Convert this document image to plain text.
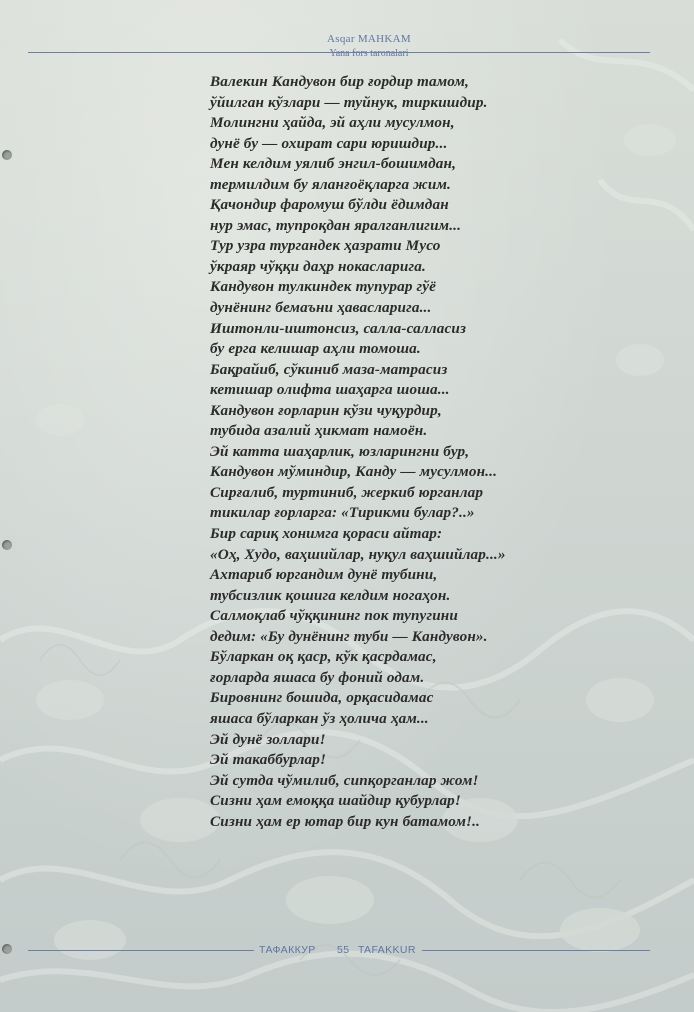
Asqar MAHKAM
Yana fors taronalari
Валекин Кандувон бир ғордир тамом,
ўйилган кўзлари — туйнук, тиркишдир.
Молингни ҳайда, эй аҳли мусулмон,
дунё бу — охират сари юришдир...
Мен келдим уялиб энгил-бошимдан,
термилдим бу яланғоёқларга жим.
Қачондир фаромуш бўлди ёдимдан
нур эмас, тупроқдан яралганлигим...
Тур узра тургандек ҳазрати Мусо
ўкраяр чўққи даҳр нокасларига.
Кандувон тулкиндек тупурар гўё
дунёнинг бемаъни ҳавасларига...
Иштонли-иштонсиз, салла-салласиз
бу ерга келишар аҳли томоша.
Бақрайиб, сўкиниб маза-матрасиз
кетишар олифта шаҳарга шоша...
Кандувон ғорларин кўзи чуқурдир,
тубида азалий ҳикмат намоён.
Эй катта шаҳарлик, юзларингни бур,
Кандувон мўминдир, Канду — мусулмон...
Сирғалиб, туртиниб, жеркиб юрганлар
тикилар ғорларга: «Тирикми булар?..»
Бир сариқ хонимга қораси айтар:
«Оҳ, Худо, ваҳшийлар, нуқул ваҳшийлар...»
Ахтариб юргандим дунё тубини,
тубсизлик қошига келдим ногаҳон.
Салмоқлаб чўққининг пок тупугини
дедим: «Бу дунёнинг туби — Кандувон».
Бўларкан оқ қаср, кўк қасрдамас,
ғорларда яшаса бу фоний одам.
Бировнинг бошида, орқасидамас
яшаса бўларкан ўз ҳолича ҳам...
Эй дунё золлари!
Эй такаббурлар!
Эй сутда чўмилиб, сипқорганлар жом!
Сизни ҳам емоққа шайдир қубурлар!
Сизни ҳам ер ютар бир кун батамом!..
ТАФАККУР 55 TAFAKKUR
